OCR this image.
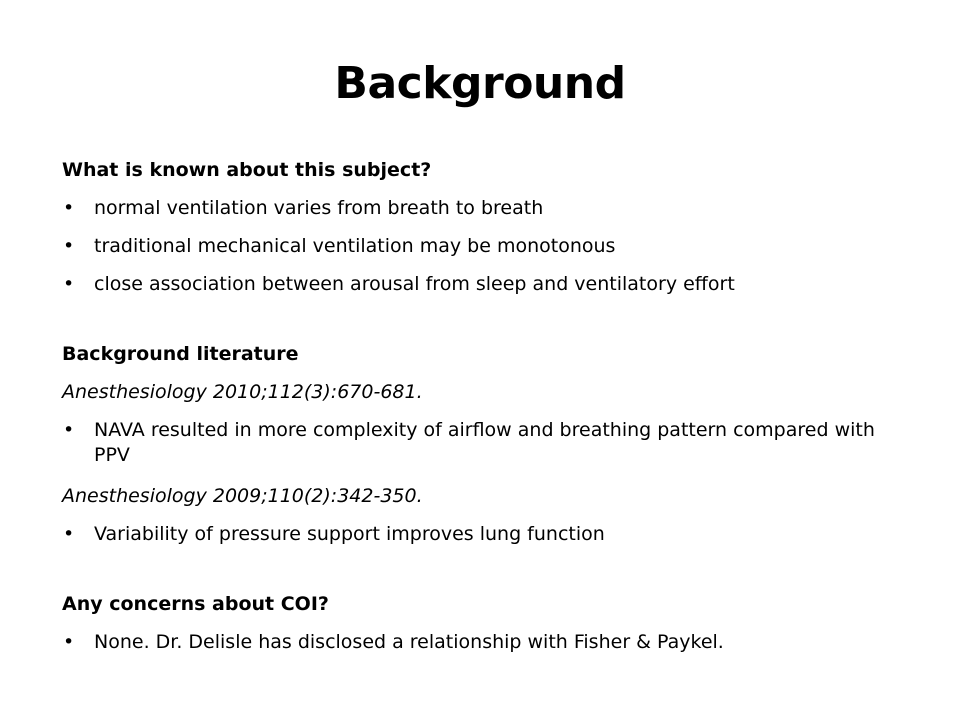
Background

What is known about this subject?

• normal ventilation varies from breath to breath
• traditional mechanical ventilation may be monotonous
• close association between arousal from sleep and ventilatory effort

Background literature

Anesthesiology 2010;112(3):670-681.

• NAVA resulted in more complexity of airflow and breathing pattern compared with PPV

Anesthesiology 2009;110(2):342-350.

• Variability of pressure support improves lung function

Any concerns about COI?

• None. Dr. Delisle has disclosed a relationship with Fisher & Paykel.
